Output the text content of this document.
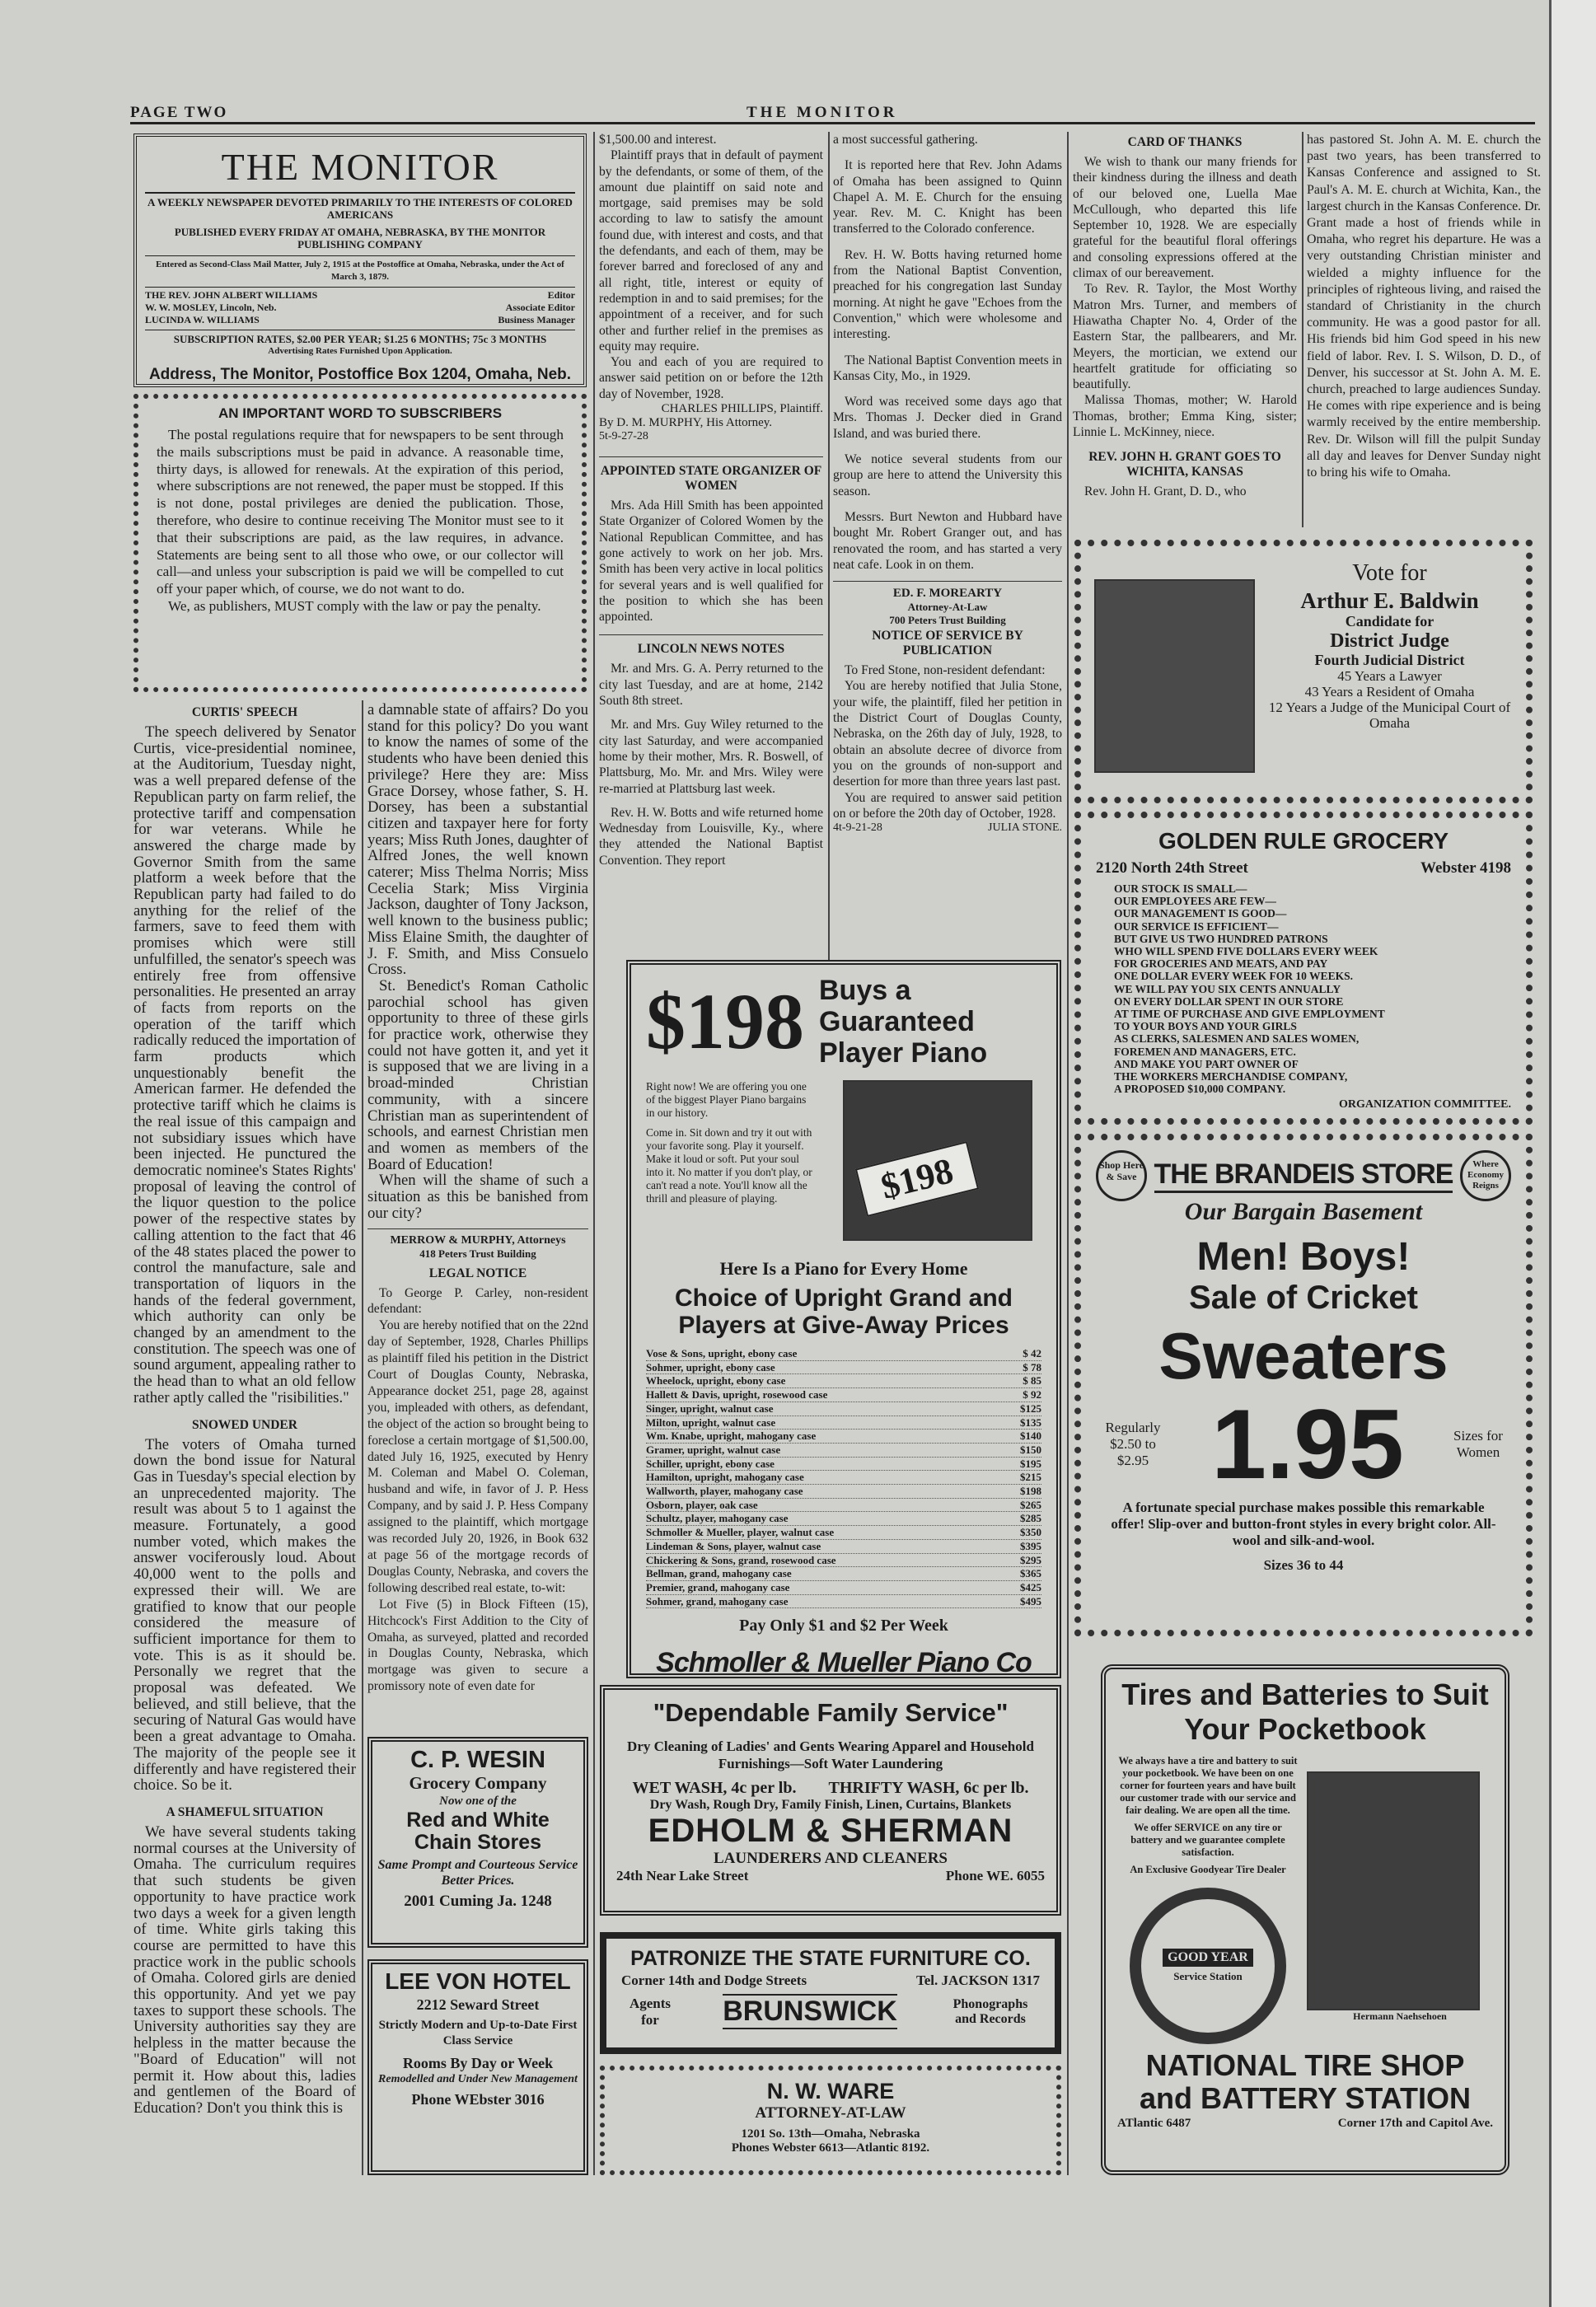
PAGE TWO	THE MONITOR
THE MONITOR
A WEEKLY NEWSPAPER DEVOTED PRIMARILY TO THE INTERESTS OF COLORED AMERICANS
PUBLISHED EVERY FRIDAY AT OMAHA, NEBRASKA, BY THE MONITOR PUBLISHING COMPANY
Entered as Second-Class Mail Matter, July 2, 1915 at the Postoffice at Omaha, Nebraska, under the Act of March 3, 1879.
THE REV. JOHN ALBERT WILLIAMS	Editor
W. W. MOSLEY, Lincoln, Neb.	Associate Editor
LUCINDA W. WILLIAMS	Business Manager
SUBSCRIPTION RATES, $2.00 PER YEAR; $1.25 6 MONTHS; 75c 3 MONTHS
Advertising Rates Furnished Upon Application.
Address, The Monitor, Postoffice Box 1204, Omaha, Neb.
AN IMPORTANT WORD TO SUBSCRIBERS

The postal regulations require that for newspapers to be sent through the mails subscriptions must be paid in advance. A reasonable time, thirty days, is allowed for renewals. At the expiration of this period, where subscriptions are not renewed, the paper must be stopped. If this is not done, postal privileges are denied the publication. Those, therefore, who desire to continue receiving The Monitor must see to it that their subscriptions are paid, as the law requires, in advance. Statements are being sent to all those who owe, or our collector will call—and unless your subscription is paid we will be compelled to cut off your paper which, of course, we do not want to do.

We, as publishers, MUST comply with the law or pay the penalty.

CURTIS' SPEECH

The speech delivered by Senator Curtis, vice-presidential nominee, at the Auditorium, Tuesday night, was a well prepared defense of the Republican party on farm relief, the protective tariff and compensation for war veterans. While he answered the charge made by Governor Smith from the same platform a week before that the Republican party had failed to do anything for the relief of the farmers, save to feed them with promises which were still unfulfilled, the senator's speech was entirely free from offensive personalities. He presented an array of facts from reports on the operation of the tariff which radically reduced the importation of farm products which unquestionably benefit the American farmer. He defended the protective tariff which he claims is the real issue of this campaign and not subsidiary issues which have been injected. He punctured the democratic nominee's States Rights' proposal of leaving the control of the liquor question to the police power of the respective states by calling attention to the fact that 46 of the 48 states placed the power to control the manufacture, sale and transportation of liquors in the hands of the federal government, which authority can only be changed by an amendment to the constitution. The speech was one of sound argument, appealing rather to the head than to what an old fellow rather aptly called the "risibilities."

SNOWED UNDER

The voters of Omaha turned down the bond issue for Natural Gas in Tuesday's special election by an unprecedented majority. The result was about 5 to 1 against the measure. Fortunately, a good number voted, which makes the answer vociferously loud. About 40,000 went to the polls and expressed their will. We are gratified to know that our people considered the measure of sufficient importance for them to vote. This is as it should be. Personally we regret that the proposal was defeated. We believed, and still believe, that the securing of Natural Gas would have been a great advantage to Omaha. The majority of the people see it differently and have registered their choice. So be it.

A SHAMEFUL SITUATION

We have several students taking normal courses at the University of Omaha. The curriculum requires that such students be given opportunity to have practice work two days a week for a given length of time. White girls taking this course are permitted to have this practice work in the public schools of Omaha. Colored girls are denied this opportunity. And yet we pay taxes to support these schools. The University authorities say they are helpless in the matter because the "Board of Education" will not permit it. How about this, ladies and gentlemen of the Board of Education? Don't you think this is

a damnable state of affairs? Do you stand for this policy? Do you want to know the names of some of the students who have been denied this privilege? Here they are: Miss Grace Dorsey, whose father, S. H. Dorsey, has been a substantial citizen and taxpayer here for forty years; Miss Ruth Jones, daughter of Alfred Jones, the well known caterer; Miss Thelma Norris; Miss Cecelia Stark; Miss Virginia Jackson, daughter of Tony Jackson, well known to the business public; Miss Elaine Smith, the daughter of J. F. Smith, and Miss Consuelo Cross.

St. Benedict's Roman Catholic parochial school has given opportunity to three of these girls for practice work, otherwise they could not have gotten it, and yet it is supposed that we are living in a broad-minded Christian community, with a sincere Christian man as superintendent of schools, and earnest Christian men and women as members of the Board of Education!

When will the shame of such a situation as this be banished from our city?

MERROW & MURPHY, Attorneys
418 Peters Trust Building
LEGAL NOTICE

To George P. Carley, non-resident defendant:

You are hereby notified that on the 22nd day of September, 1928, Charles Phillips as plaintiff filed his petition in the District Court of Douglas County, Nebraska, Appearance docket 251, page 28, against you, impleaded with others, as defendant, the object of the action so brought being to foreclose a certain mortgage of $1,500.00, dated July 16, 1925, executed by Henry M. Coleman and Mabel O. Coleman, husband and wife, in favor of J. P. Hess Company, and by said J. P. Hess Company assigned to the plaintiff, which mortgage was recorded July 20, 1926, in Book 632 at page 56 of the mortgage records of Douglas County, Nebraska, and covers the following described real estate, to-wit:

Lot Five (5) in Block Fifteen (15), Hitchcock's First Addition to the City of Omaha, as surveyed, platted and recorded in Douglas County, Nebraska, which mortgage was given to secure a promissory note of even date for

C. P. WESIN
Grocery Company
Now one of the
Red and White Chain Stores
Same Prompt and Courteous Service Better Prices.
2001 Cuming Ja. 1248
LEE VON HOTEL
2212 Seward Street
Strictly Modern and Up-to-Date First Class Service
Rooms By Day or Week
Remodelled and Under New Management
Phone WEbster 3016

$1,500.00 and interest.

Plaintiff prays that in default of payment by the defendants, or some of them, of the amount due plaintiff on said note and mortgage, said premises may be sold according to law to satisfy the amount found due, with interest and costs, and that the defendants, and each of them, may be forever barred and foreclosed of any and all right, title, interest or equity of redemption in and to said premises; for the appointment of a receiver, and for such other and further relief in the premises as equity may require.

You and each of you are required to answer said petition on or before the 12th day of November, 1928.

CHARLES PHILLIPS, Plaintiff.
By D. M. MURPHY, His Attorney.
5t-9-27-28
APPOINTED STATE ORGANIZER OF WOMEN

Mrs. Ada Hill Smith has been appointed State Organizer of Colored Women by the National Republican Committee, and has gone actively to work on her job. Mrs. Smith has been very active in local politics for several years and is well qualified for the position to which she has been appointed.

LINCOLN NEWS NOTES

Mr. and Mrs. G. A. Perry returned to the city last Tuesday, and are at home, 2142 South 8th street.

Mr. and Mrs. Guy Wiley returned to the city last Saturday, and were accompanied home by their mother, Mrs. R. Boswell, of Plattsburg, Mo. Mr. and Mrs. Wiley were re-married at Plattsburg last week.

Rev. H. W. Botts and wife returned home Wednesday from Louisville, Ky., where they attended the National Baptist Convention. They report

a most successful gathering.

It is reported here that Rev. John Adams of Omaha has been assigned to Quinn Chapel A. M. E. Church for the ensuing year. Rev. M. C. Knight has been transferred to the Colorado conference.

Rev. H. W. Botts having returned home from the National Baptist Convention, preached for his congregation last Sunday morning. At night he gave "Echoes from the Convention," which were wholesome and interesting.

The National Baptist Convention meets in Kansas City, Mo., in 1929.

Word was received some days ago that Mrs. Thomas J. Decker died in Grand Island, and was buried there.

We notice several students from our group are here to attend the University this season.

Messrs. Burt Newton and Hubbard have bought Mr. Robert Granger out, and has renovated the room, and has started a very neat cafe. Look in on them.

ED. F. MOREARTY
Attorney-At-Law
700 Peters Trust Building
NOTICE OF SERVICE BY PUBLICATION

To Fred Stone, non-resident defendant:

You are hereby notified that Julia Stone, your wife, the plaintiff, filed her petition in the District Court of Douglas County, Nebraska, on the 26th day of July, 1928, to obtain an absolute decree of divorce from you on the grounds of non-support and desertion for more than three years last past.

You are required to answer said petition on or before the 20th day of October, 1928.

4t-9-21-28	JULIA STONE.
CARD OF THANKS

We wish to thank our many friends for their kindness during the illness and death of our beloved one, Luella Mae McCullough, who departed this life September 10, 1928. We are especially grateful for the beautiful floral offerings and consoling expressions offered at the climax of our bereavement.

To Rev. R. Taylor, the Most Worthy Matron Mrs. Turner, and members of Hiawatha Chapter No. 4, Order of the Eastern Star, the pallbearers, and Mr. Meyers, the mortician, we extend our heartfelt gratitude for officiating so beautifully.

Malissa Thomas, mother; W. Harold Thomas, brother; Emma King, sister; Linnie L. McKinney, niece.

REV. JOHN H. GRANT GOES TO WICHITA, KANSAS

Rev. John H. Grant, D. D., who

has pastored St. John A. M. E. church the past two years, has been transferred to Kansas Conference and assigned to St. Paul's A. M. E. church at Wichita, Kan., the largest church in the Kansas Conference. Dr. Grant made a host of friends while in Omaha, who regret his departure. He was a very outstanding Christian minister and wielded a mighty influence for the principles of righteous living, and raised the standard of Christianity in the church community. He was a good pastor for all. His friends bid him God speed in his new field of labor. Rev. I. S. Wilson, D. D., of Denver, his successor at St. John A. M. E. church, preached to large audiences Sunday. He comes with ripe experience and is being warmly received by the entire membership. Rev. Dr. Wilson will fill the pulpit Sunday all day and leaves for Denver Sunday night to bring his wife to Omaha.

$198 Buys a Guaranteed Player Piano
Right now! We are offering you one of the biggest Player Piano bargains in our history.
Come in. Sit down and try it out with your favorite song. Play it yourself. Make it loud or soft. Put your soul into it. No matter if you don't play, or can't read a note. You'll know all the thrill and pleasure of playing.	$198
Here Is a Piano for Every Home
Choice of Upright Grand and Players at Give-Away Prices
Vose & Sons, upright, ebony case	$ 42
Sohmer, upright, ebony case	$ 78
Wheelock, upright, ebony case	$ 85
Hallett & Davis, upright, rosewood case	$ 92
Singer, upright, walnut case	$125
Milton, upright, walnut case	$135
Wm. Knabe, upright, mahogany case	$140
Gramer, upright, walnut case	$150
Schiller, upright, ebony case	$195
Hamilton, upright, mahogany case	$215
Wallworth, player, mahogany case	$198
Osborn, player, oak case	$265
Schultz, player, mahogany case	$285
Schmoller & Mueller, player, walnut case	$350
Lindeman & Sons, player, walnut case	$395
Chickering & Sons, grand, rosewood case	$295
Bellman, grand, mahogany case	$365
Premier, grand, mahogany case	$425
Sohmer, grand, mahogany case	$495
Pay Only $1 and $2 Per Week
Schmoller & Mueller Piano Co
"Dependable Family Service"
Dry Cleaning of Ladies' and Gents Wearing Apparel and Household Furnishings—Soft Water Laundering
WET WASH, 4c per lb. THRIFTY WASH, 6c per lb.
Dry Wash, Rough Dry, Family Finish, Linen, Curtains, Blankets
EDHOLM & SHERMAN
LAUNDERERS AND CLEANERS
24th Near Lake Street	Phone WE. 6055
PATRONIZE THE STATE FURNITURE CO.
Corner 14th and Dodge Streets	Tel. JACKSON 1317
Agents for	BRUNSWICK	Phonographs and Records
N. W. WARE
ATTORNEY-AT-LAW
1201 So. 13th—Omaha, Nebraska
Phones Webster 6613—Atlantic 8192.
Vote for
Arthur E. Baldwin
Candidate for
District Judge
Fourth Judicial District
45 Years a Lawyer
43 Years a Resident of Omaha
12 Years a Judge of the Municipal Court of Omaha
GOLDEN RULE GROCERY
2120 North 24th Street	Webster 4198
OUR STOCK IS SMALL—
OUR EMPLOYEES ARE FEW—
OUR MANAGEMENT IS GOOD—
OUR SERVICE IS EFFICIENT—
BUT GIVE US TWO HUNDRED PATRONS
WHO WILL SPEND FIVE DOLLARS EVERY WEEK
FOR GROCERIES AND MEATS, AND PAY
ONE DOLLAR EVERY WEEK FOR 10 WEEKS.
WE WILL PAY YOU SIX CENTS ANNUALLY
ON EVERY DOLLAR SPENT IN OUR STORE
AT TIME OF PURCHASE AND GIVE EMPLOYMENT
TO YOUR BOYS AND YOUR GIRLS
AS CLERKS, SALESMEN AND SALES WOMEN,
FOREMEN AND MANAGERS, ETC.
AND MAKE YOU PART OWNER OF
THE WORKERS MERCHANDISE COMPANY,
A PROPOSED $10,000 COMPANY.
ORGANIZATION COMMITTEE.
Shop Here & Save THE BRANDEIS STORE	Where Economy Reigns
Our Bargain Basement
Men! Boys!
Sale of Cricket
Sweaters
Regularly $2.50 to $2.95 1.95	Sizes for Women
A fortunate special purchase makes possible this remarkable offer! Slip-over and button-front styles in every bright color. All-wool and silk-and-wool.
Sizes 36 to 44
Tires and Batteries to Suit Your Pocketbook
We always have a tire and battery to suit your pocketbook. We have been on one corner for fourteen years and have built our customer trade with our service and fair dealing. We are open all the time.
We offer SERVICE on any tire or battery and we guarantee complete satisfaction.
An Exclusive Goodyear Tire Dealer
GOOD YEAR
Service Station
Hermann Naehsehoen
NATIONAL TIRE SHOP and BATTERY STATION
ATlantic 6487	Corner 17th and Capitol Ave.
